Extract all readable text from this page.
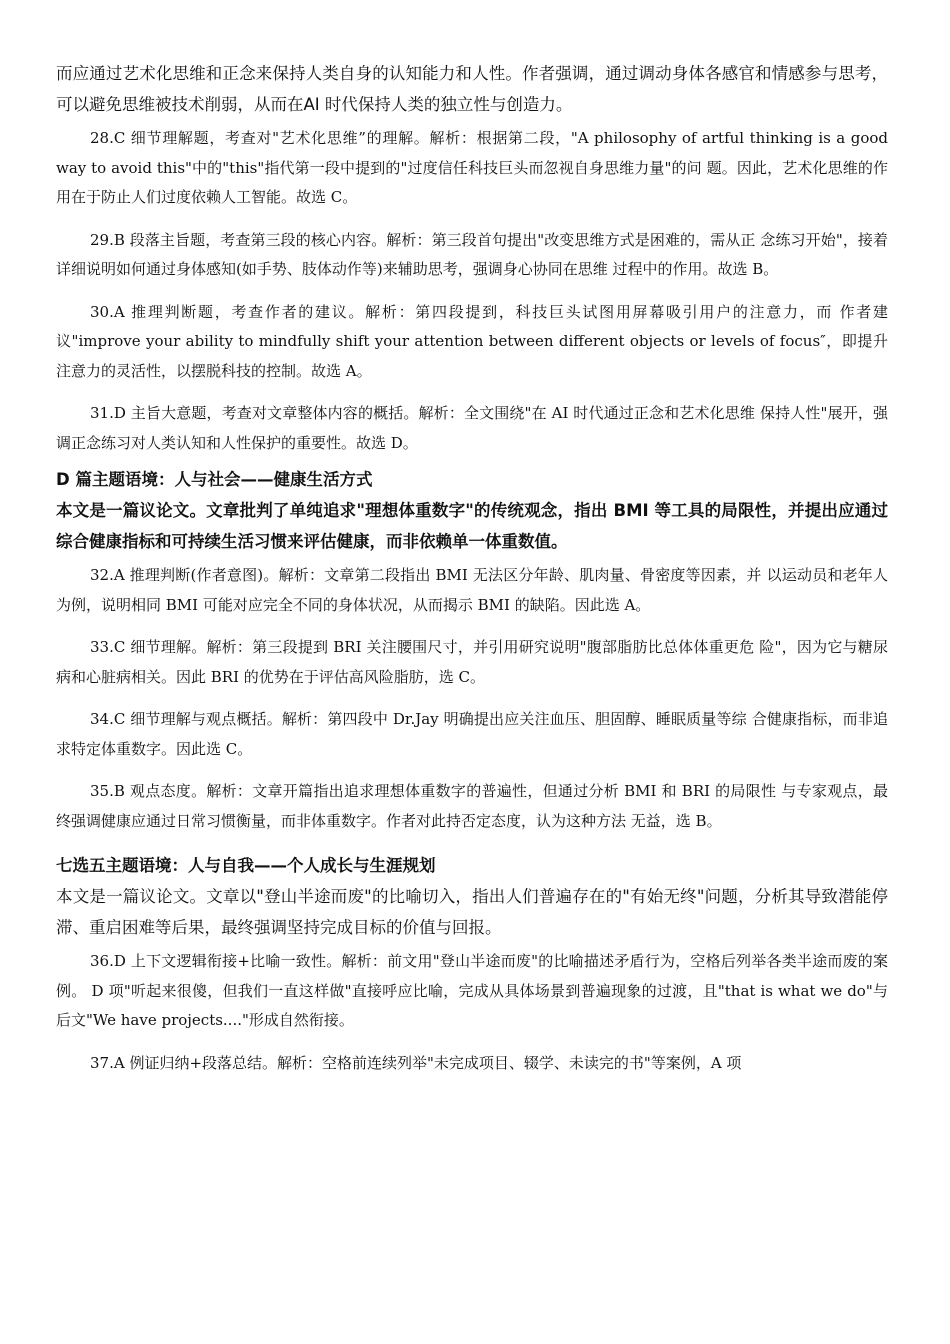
而应通过艺术化思维和正念来保持人类自身的认知能力和人性。作者强调，通过调动身体各感官和情感参与思考，可以避免思维被技术削弱，从而在AI 时代保持人类的独立性与创造力。

28.C 细节理解题，考查对"艺术化思维”的理解。解析：根据第二段，"A philosophy of artful thinking is a good way to avoid this"中的"this"指代第一段中提到的"过度信任科技巨头而忽视自身思维力量"的问 题。因此，艺术化思维的作用在于防止人们过度依赖人工智能。故选 C。

29.B 段落主旨题，考查第三段的核心内容。解析：第三段首句提出"改变思维方式是困难的，需从正 念练习开始"，接着详细说明如何通过身体感知(如手势、肢体动作等)来辅助思考，强调身心协同在思维 过程中的作用。故选 B。

30.A 推理判断题，考查作者的建议。解析：第四段提到，科技巨头试图用屏幕吸引用户的注意力，而 作者建议"improve your ability to mindfully shift your attention between different objects or levels of focus″，即提升注意力的灵活性，以摆脱科技的控制。故选 A。

31.D 主旨大意题，考查对文章整体内容的概括。解析：全文围绕"在 AI 时代通过正念和艺术化思维 保持人性"展开，强调正念练习对人类认知和人性保护的重要性。故选 D。

D 篇主题语境：人与社会——健康生活方式

本文是一篇议论文。文章批判了单纯追求"理想体重数字"的传统观念，指出 BMI 等工具的局限性，并提出应通过综合健康指标和可持续生活习惯来评估健康，而非依赖单一体重数值。

32.A 推理判断(作者意图)。解析：文章第二段指出 BMI 无法区分年龄、肌肉量、骨密度等因素，并 以运动员和老年人为例，说明相同 BMI 可能对应完全不同的身体状况，从而揭示 BMI 的缺陷。因此选 A。

33.C 细节理解。解析：第三段提到 BRI 关注腰围尺寸，并引用研究说明"腹部脂肪比总体体重更危 险"，因为它与糖尿病和心脏病相关。因此 BRI 的优势在于评估高风险脂肪，选 C。

34.C 细节理解与观点概括。解析：第四段中 Dr.Jay 明确提出应关注血压、胆固醇、睡眠质量等综 合健康指标，而非追求特定体重数字。因此选 C。

35.B 观点态度。解析：文章开篇指出追求理想体重数字的普遍性，但通过分析 BMI 和 BRI 的局限性 与专家观点，最终强调健康应通过日常习惯衡量，而非体重数字。作者对此持否定态度，认为这种方法 无益，选 B。

七选五主题语境：人与自我——个人成长与生涯规划

本文是一篇议论文。文章以"登山半途而废"的比喻切入，指出人们普遍存在的"有始无终"问题，分析其导致潜能停滞、重启困难等后果，最终强调坚持完成目标的价值与回报。

36.D 上下文逻辑衔接+比喻一致性。解析：前文用"登山半途而废"的比喻描述矛盾行为，空格后列举各类半途而废的案例。 D 项"听起来很傻，但我们一直这样做"直接呼应比喻，完成从具体场景到普遍现象的过渡，且"that is what we do"与后文"We have projects...."形成自然衔接。

37.A 例证归纳+段落总结。解析：空格前连续列举"未完成项目、辍学、未读完的书"等案例，A 项
